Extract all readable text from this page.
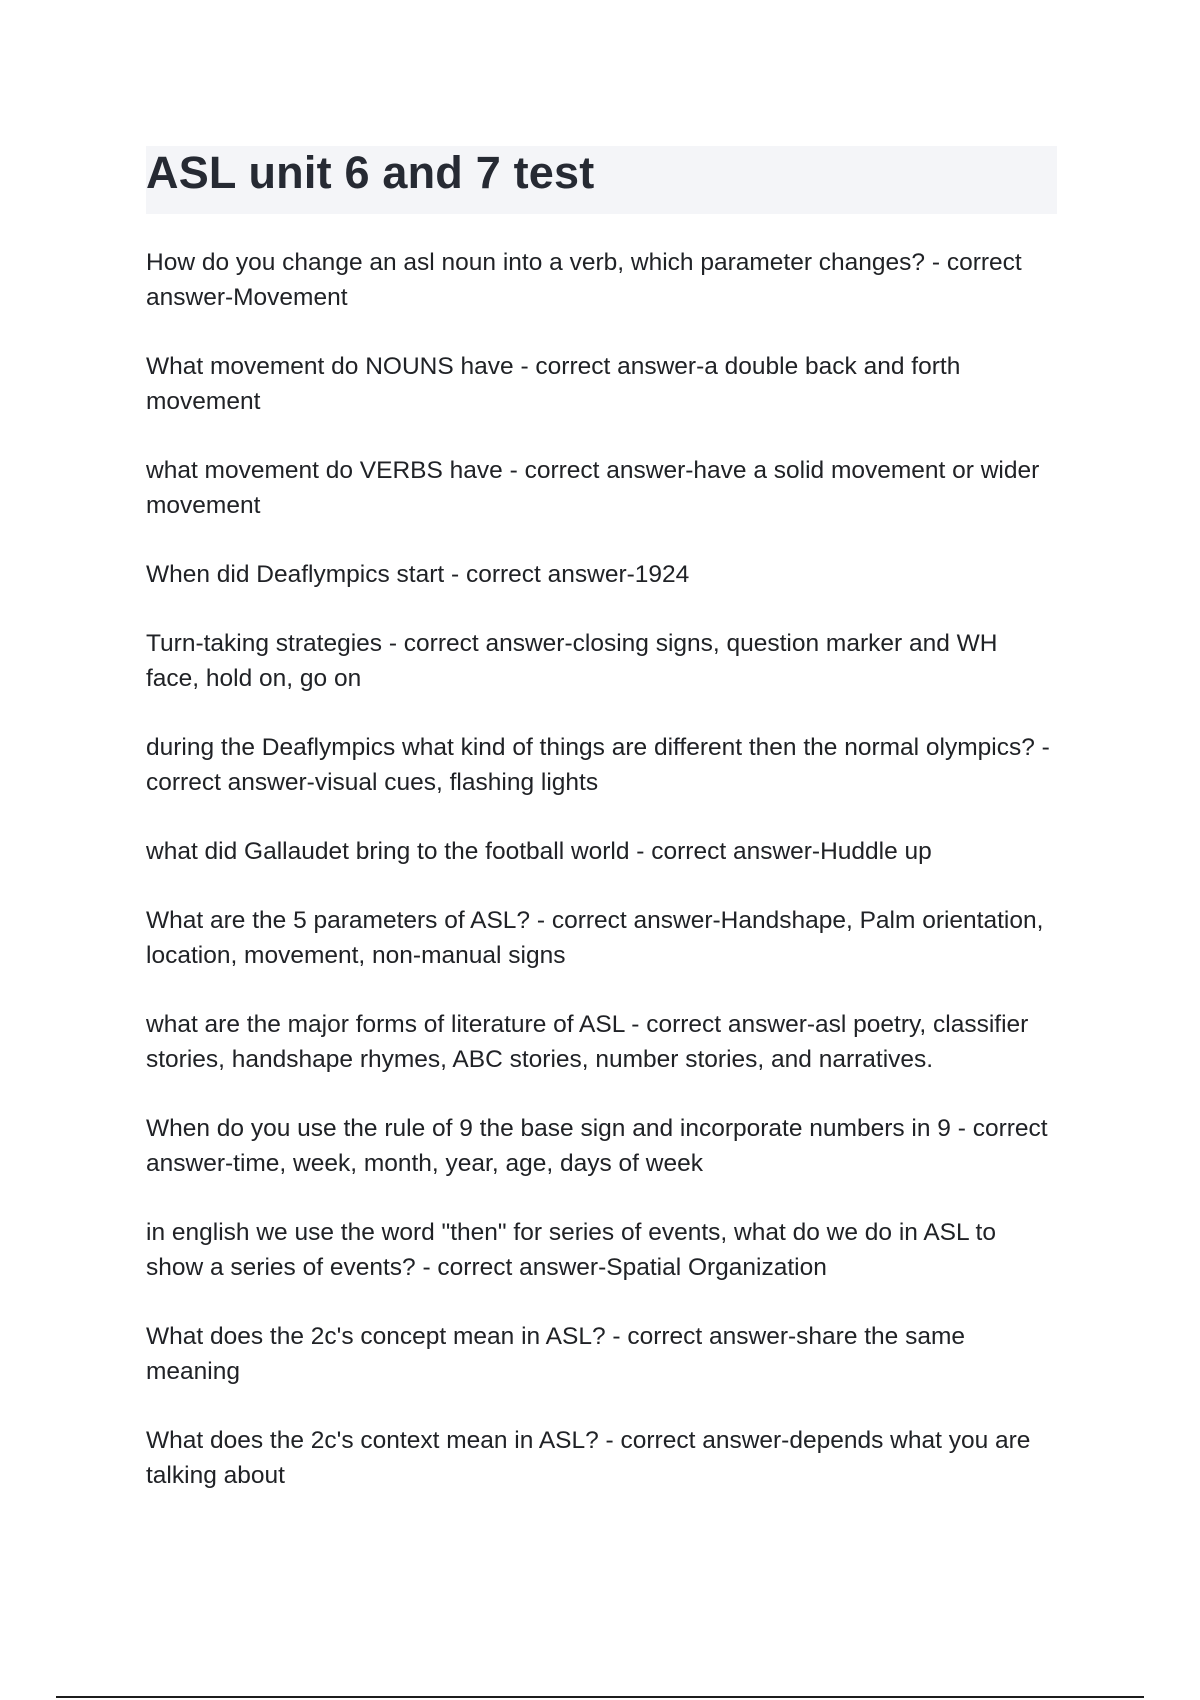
ASL unit 6 and 7 test
How do you change an asl noun into a verb, which parameter changes? - correct answer-Movement
What movement do NOUNS have - correct answer-a double back and forth movement
what movement do VERBS have - correct answer-have a solid movement or wider movement
When did Deaflympics start - correct answer-1924
Turn-taking strategies - correct answer-closing signs, question marker and WH face, hold on, go on
during the Deaflympics what kind of things are different then the normal olympics? - correct answer-visual cues, flashing lights
what did Gallaudet bring to the football world - correct answer-Huddle up
What are the 5 parameters of ASL? - correct answer-Handshape, Palm orientation, location, movement, non-manual signs
what are the major forms of literature of ASL - correct answer-asl poetry, classifier stories, handshape rhymes, ABC stories, number stories, and narratives.
When do you use the rule of 9 the base sign and incorporate numbers in 9 - correct answer-time, week, month, year, age, days of week
in english we use the word "then" for series of events, what do we do in ASL to show a series of events? - correct answer-Spatial Organization
What does the 2c's concept mean in ASL? - correct answer-share the same meaning
What does the 2c's context mean in ASL? - correct answer-depends what you are talking about
